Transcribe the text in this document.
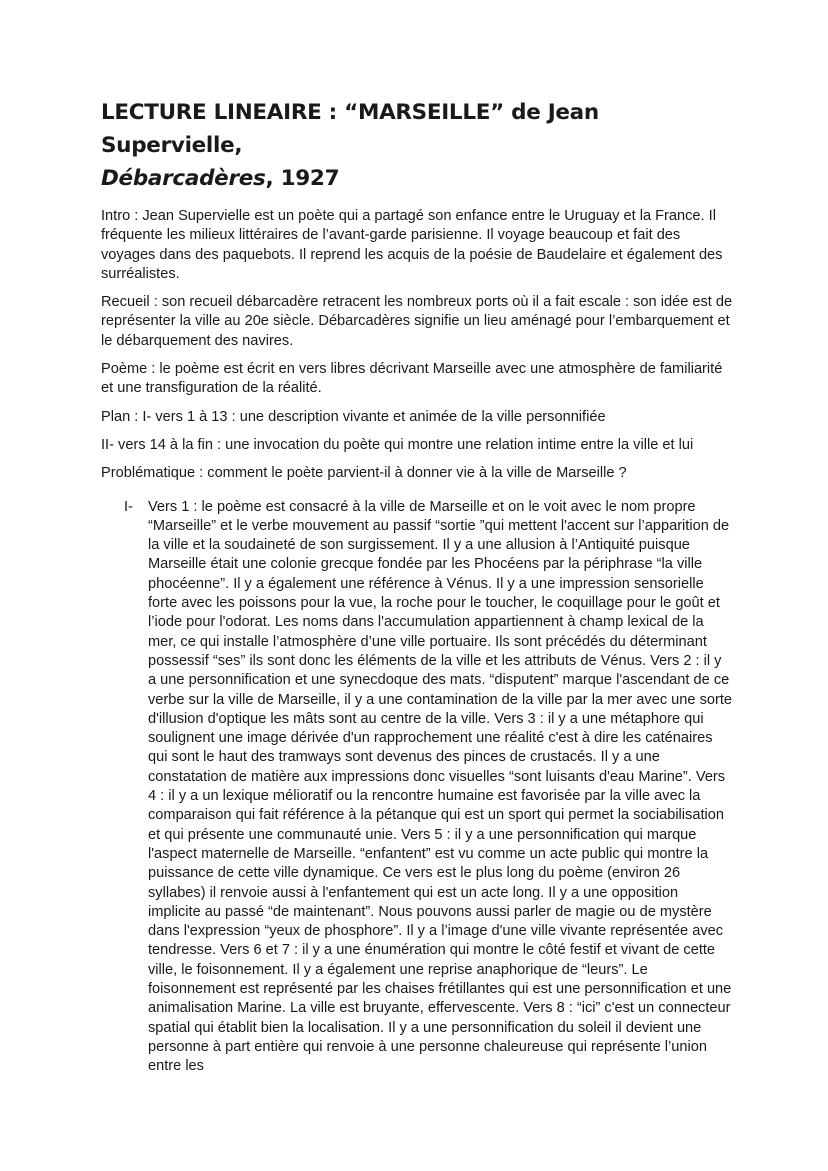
LECTURE LINEAIRE : “MARSEILLE” de Jean Supervielle,
Débarcadères, 1927

Intro : Jean Supervielle est un poète qui a partagé son enfance entre le Uruguay et la France. Il fréquente les milieux littéraires de l’avant-garde parisienne. Il voyage beaucoup et fait des voyages dans des paquebots. Il reprend les acquis de la poésie de Baudelaire et également des surréalistes.

Recueil : son recueil débarcadère retracent les nombreux ports où il a fait escale : son idée est de représenter la ville au 20e siècle. Débarcadères signifie un lieu aménagé pour l’embarquement et le débarquement des navires.

Poème : le poème est écrit en vers libres décrivant Marseille avec une atmosphère de familiarité et une transfiguration de la réalité.

Plan : I- vers 1 à 13 : une description vivante et animée de la ville personnifiée

II- vers 14 à la fin : une invocation du poète qui montre une relation intime entre la ville et lui

Problématique : comment le poète parvient-il à donner vie à la ville de Marseille ?

I- Vers 1 : le poème est consacré à la ville de Marseille et on le voit avec le nom propre “Marseille” et le verbe mouvement au passif “sortie ”qui mettent l'accent sur l’apparition de la ville et la soudaineté de son surgissement. Il y a une allusion à l’Antiquité puisque Marseille était une colonie grecque fondée par les Phocéens par la périphrase “la ville phocéenne”. Il y a également une référence à Vénus. Il y a une impression sensorielle forte avec les poissons pour la vue, la roche pour le toucher, le coquillage pour le goût et l’iode pour l'odorat. Les noms dans l'accumulation appartiennent à champ lexical de la mer, ce qui installe l’atmosphère d’une ville portuaire. Ils sont précédés du déterminant possessif “ses” ils sont donc les éléments de la ville et les attributs de Vénus. Vers 2 : il y a une personnification et une synecdoque des mats. “disputent” marque l'ascendant de ce verbe sur la ville de Marseille, il y a une contamination de la ville par la mer avec une sorte d'illusion d'optique les mâts sont au centre de la ville. Vers 3 : il y a une métaphore qui soulignent une image dérivée d'un rapprochement une réalité c'est à dire les caténaires qui sont le haut des tramways sont devenus des pinces de crustacés. Il y a une constatation de matière aux impressions donc visuelles “sont luisants d'eau Marine”. Vers 4 : il y a un lexique mélioratif ou la rencontre humaine est favorisée par la ville avec la comparaison qui fait référence à la pétanque qui est un sport qui permet la sociabilisation et qui présente une communauté unie. Vers 5 : il y a une personnification qui marque l'aspect maternelle de Marseille. “enfantent” est vu comme un acte public qui montre la puissance de cette ville dynamique. Ce vers est le plus long du poème (environ 26 syllabes) il renvoie aussi à l'enfantement qui est un acte long. Il y a une opposition implicite au passé “de maintenant”. Nous pouvons aussi parler de magie ou de mystère dans l'expression “yeux de phosphore”. Il y a l’image d'une ville vivante représentée avec tendresse. Vers 6 et 7 : il y a une énumération qui montre le côté festif et vivant de cette ville, le foisonnement. Il y a également une reprise anaphorique de “leurs”. Le foisonnement est représenté par les chaises frétillantes qui est une personnification et une animalisation Marine. La ville est bruyante, effervescente. Vers 8 : “ici” c'est un connecteur spatial qui établit bien la localisation. Il y a une personnification du soleil il devient une personne à part entière qui renvoie à une personne chaleureuse qui représente l’union entre les
